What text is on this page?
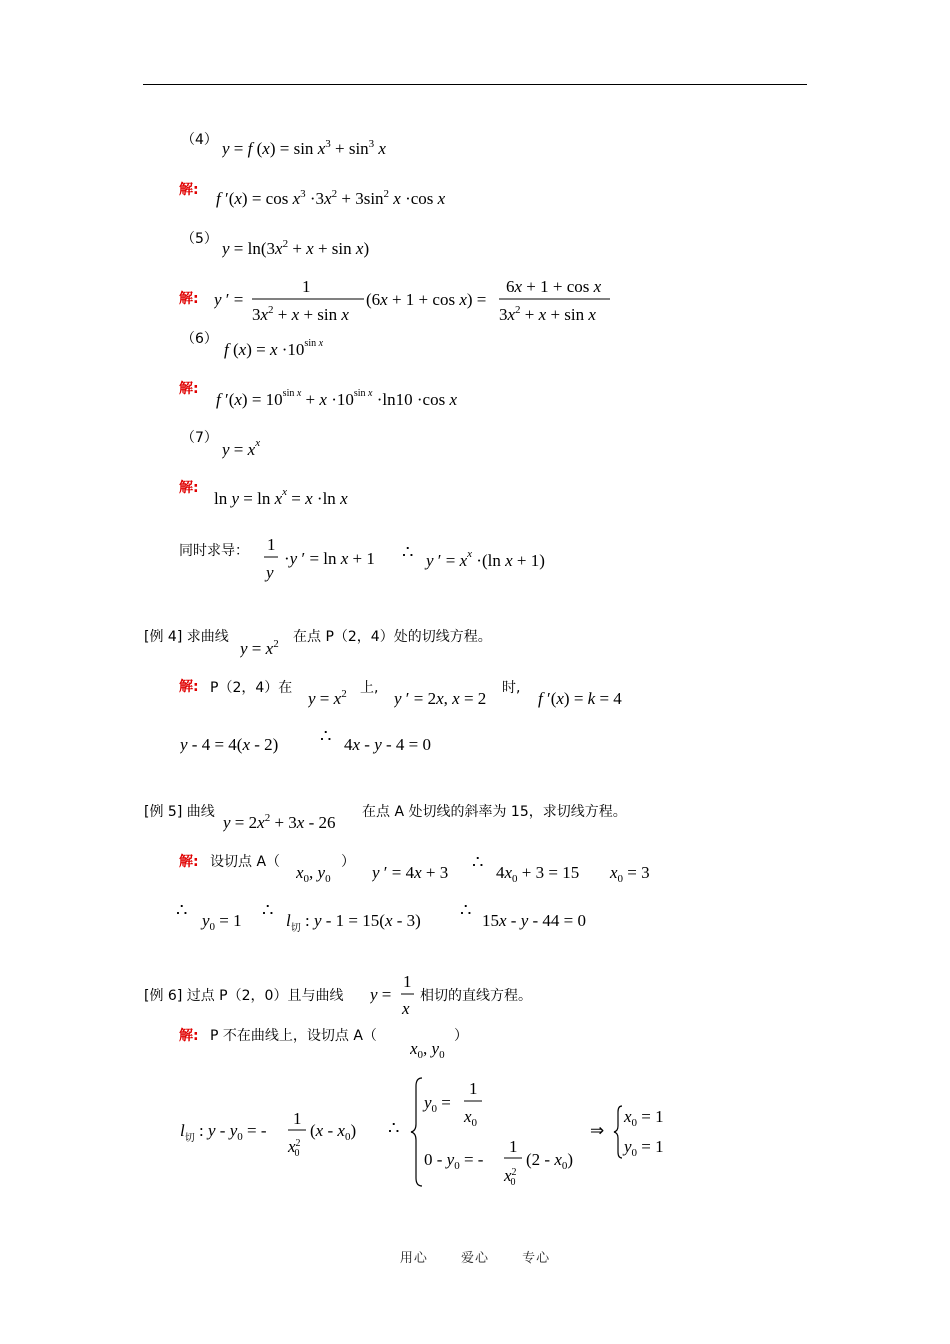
（4） y = f $(x) = \sin x^3 + \sin^3 x$
解: f $'(x) = \cos x^3 \cdot 3x^2 + 3\sin^2$ x ·cos x
（5） $y = \ln(3x^2 + x + \sin x)$
解: y ′ =
1
$3x^2 + x + \sin x$
(6x + 1 + cos x) =
6x + 1 + cos x
$3x^2 + x + \sin x$
（6）
f $(x) = x \cdot 10^{sin}$ x
解:
f $'(x) = 10^{sin}$ $x + x \cdot 10^{sin}$ x ·ln10 ·cos x
（7）
$y = x^x$
解:
$\ln y = \ln x^x = x \cdot\ln$ x
同时求导： 1
y
·y ′ = ln x + 1 ∴ y ′ = $x^x \cdot(\ln$ x + 1)
[例 4] 求曲线
$y = x^2$ 在点 P（2，4）处的切线方程。
解: P（2，4）在
$y = x^2$ 上,
y ′ = 2x, x = 2
时,
f ′(x) = k = 4
y - 4 = 4(x - 2) ∴ 4x - y - 4 = 0
[例 5] 曲线
$y = 2x^2 + 3x - 26$
在点 A 处切线的斜率为 15，求切线方程。
解: 设切点 A（
$x_0$, $y_0$
）
y ′ = 4x + 3
∴
$4x_0 + 3 = 15$ $x_0 = 3$
∴
$y_0 = 1$
∴
$l_切$ : y - 1 = 15(x - 3)
∴
15x - y - 44 = 0
[例 6] 过点 P（2，0）且与曲线 y =
1
x
相切的直线方程。
解: P 不在曲线上，设切点 A（
$x_0$, $y_0$
）
$l_切$ : y - $y_0$ = -
1
$x^2$ 0
$(x - x_0)$ ∴
$y_0$ =
1
$x_0$
$0 - y_0$ = -
1
$x^2$ 0
$(2 - x_0)$
⇒
$x_0 = 1$
$y_0 = 1$
用心	爱心	专心
